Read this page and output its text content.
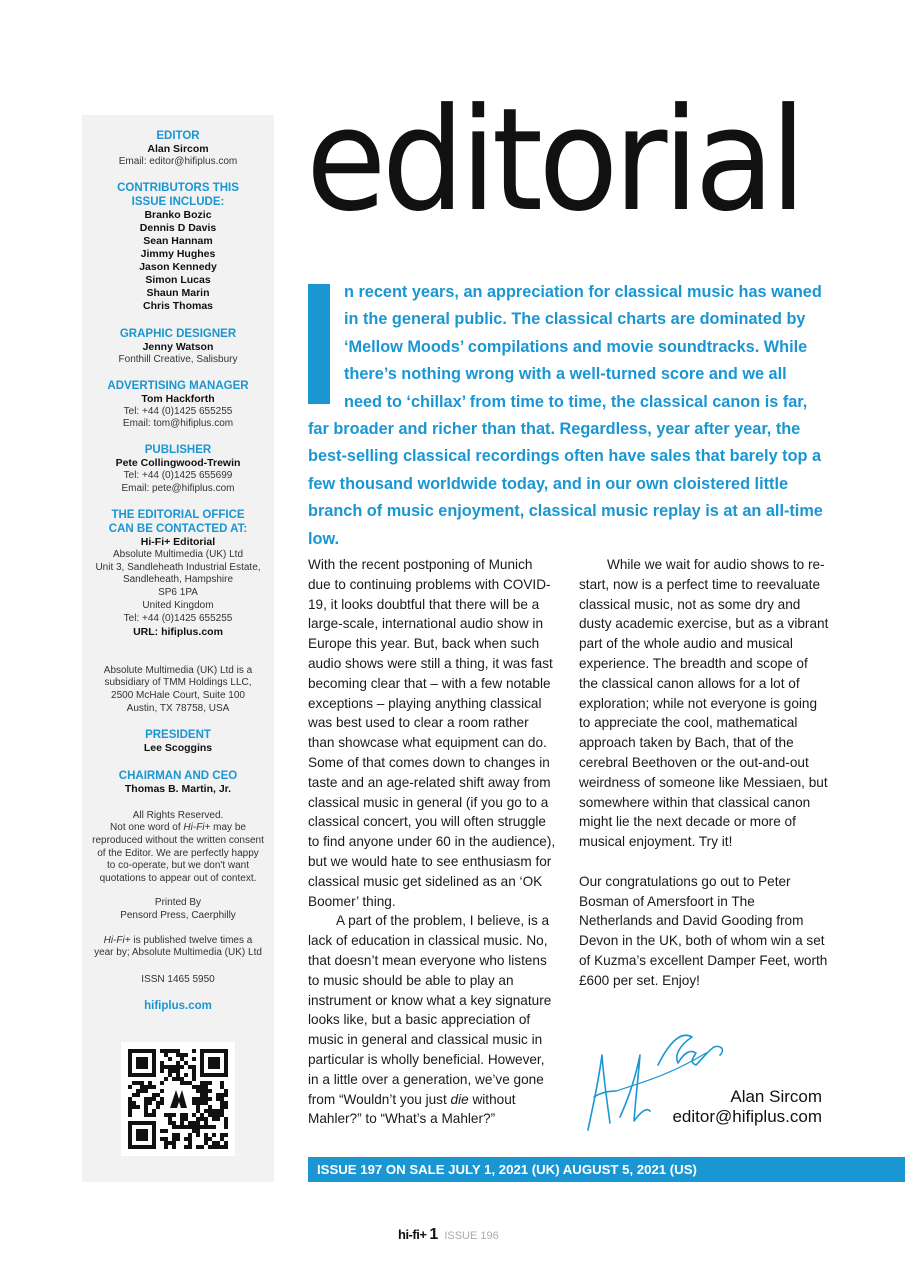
EDITOR
Alan Sircom
Email: editor@hifiplus.com
CONTRIBUTORS THIS
ISSUE INCLUDE:
Branko Bozic
Dennis D Davis
Sean Hannam
Jimmy Hughes
Jason Kennedy
Simon Lucas
Shaun Marin
Chris Thomas
GRAPHIC DESIGNER
Jenny Watson
Fonthill Creative, Salisbury
ADVERTISING MANAGER
Tom Hackforth
Tel: +44 (0)1425 655255
Email: tom@hifiplus.com
PUBLISHER
Pete Collingwood-Trewin
Tel: +44 (0)1425 655699
Email: pete@hifiplus.com
THE EDITORIAL OFFICE
CAN BE CONTACTED AT:
Hi-Fi+ Editorial
Absolute Multimedia (UK) Ltd
Unit 3, Sandleheath Industrial Estate,
Sandleheath, Hampshire
SP6 1PA
United Kingdom
Tel: +44 (0)1425 655255
URL: hifiplus.com
Absolute Multimedia (UK) Ltd is a
subsidiary of TMM Holdings LLC,
2500 McHale Court, Suite 100
Austin, TX 78758, USA
PRESIDENT
Lee Scoggins
CHAIRMAN AND CEO
Thomas B. Martin, Jr.
All Rights Reserved.
Not one word of Hi-Fi+ may be
reproduced without the written consent
of the Editor. We are perfectly happy
to co-operate, but we don't want
quotations to appear out of context.
Printed By
Pensord Press, Caerphilly
Hi-Fi+ is published twelve times a
year by; Absolute Multimedia (UK) Ltd
ISSN 1465 5950
hifiplus.com
editorial
n recent years, an appreciation for classical music has waned in the general public. The classical charts are dominated by ‘Mellow Moods’ compilations and movie soundtracks. While there’s nothing wrong with a well-turned score and we all need to ‘chillax’ from time to time, the classical canon is far, far broader and richer than that. Regardless, year after year, the best-selling classical recordings often have sales that barely top a few thousand worldwide today, and in our own cloistered little branch of music enjoyment, classical music replay is at an all-time low.

With the recent postponing of Munich due to continuing problems with COVID-19, it looks doubtful that there will be a large-scale, international audio show in Europe this year. But, back when such audio shows were still a thing, it was fast becoming clear that – with a few notable exceptions – playing anything classical was best used to clear a room rather than showcase what equipment can do. Some of that comes down to changes in taste and an age-related shift away from classical music in general (if you go to a classical concert, you will often struggle to find anyone under 60 in the audience), but we would hate to see enthusiasm for classical music get sidelined as an ‘OK Boomer’ thing.

A part of the problem, I believe, is a lack of education in classical music. No, that doesn’t mean everyone who listens to music should be able to play an instrument or know what a key signature looks like, but a basic appreciation of music in general and classical music in particular is wholly beneficial. However, in a little over a generation, we’ve gone from “Wouldn’t you just die without Mahler?” to “What’s a Mahler?”

While we wait for audio shows to re-start, now is a perfect time to reevaluate classical music, not as some dry and dusty academic exercise, but as a vibrant part of the whole audio and musical experience. The breadth and scope of the classical canon allows for a lot of exploration; while not everyone is going to appreciate the cool, mathematical approach taken by Bach, that of the cerebral Beethoven or the out-and-out weirdness of someone like Messiaen, but somewhere within that classical canon might lie the next decade or more of musical enjoyment. Try it!

Our congratulations go out to Peter Bosman of Amersfoort in The Netherlands and David Gooding from Devon in the UK, both of whom win a set of Kuzma’s excellent Damper Feet, worth £600 per set. Enjoy!

Alan Sircom
editor@hifiplus.com
ISSUE 197 ON SALE JULY 1, 2021 (UK) AUGUST 5, 2021 (US)
hi-fi+ 1 ISSUE 196
